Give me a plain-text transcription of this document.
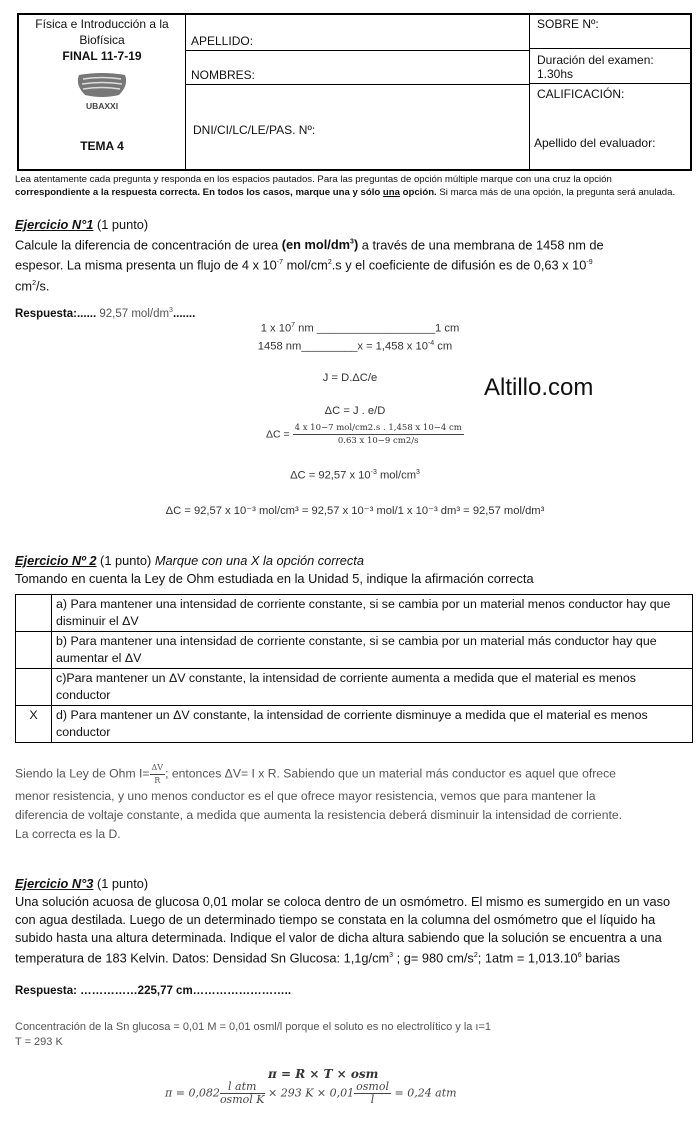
Física e Introducción a la Biofísica
FINAL 11-7-19
UBAXXI
TEMA 4
APELLIDO:
NOMBRES:
DNI/CI/LC/LE/PAS. Nº:
SOBRE Nº:
Duración del examen: 1.30hs
CALIFICACIÓN:
Apellido del evaluador:
Lea atentamente cada pregunta y responda en los espacios pautados. Para las preguntas de opción múltiple marque con una cruz la opción
correspondiente a la respuesta correcta. En todos los casos, marque una y sólo una opción. Si marca más de una opción, la pregunta será anulada.
Altillo.com
Ejercicio N°1 (1 punto)
Calcule la diferencia de concentración de urea (en mol/$dm^3$) a través de una membrana de 1458 nm de
espesor. La misma presenta un flujo de 4 x $10^{-7}$ mol/$cm^2.s$ y el coeficiente de difusión es de 0,63 x $10^{-9}$
$cm^2/s$.
Respuesta:...... 92,57 mol/$dm^3$.......
1 x $10^7$ nm ___________________1 cm
1458 nm_________x = 1,458 x $10^{-4}$ cm
J = D.ΔC/e
ΔC = J . e/D
$\Delta C = \frac{\text{4 x 10−7 mol/cm2.s . 1,458 x 10−4 cm}}{0.63 x 10-9 cm2/s}$
ΔC = 92,57 x $10^{-3}$ mol/$cm^3$
ΔC = 92,57 x 10⁻³ mol/cm³ = 92,57 x 10⁻³ mol/1 x 10⁻³ dm³ = 92,57 mol/dm³
Ejercicio Nº 2 (1 punto) Marque con una X la opción correcta
Tomando en cuenta la Ley de Ohm estudiada en la Unidad 5, indique la afirmación correcta
	a) Para mantener una intensidad de corriente constante, si se cambia por un material menos conductor hay que disminuir el ΔV
	b) Para mantener una intensidad de corriente constante, si se cambia por un material más conductor hay que aumentar el ΔV
	c)Para mantener un ΔV constante, la intensidad de corriente aumenta a medida que el material es menos conductor
X	d) Para mantener un ΔV constante, la intensidad de corriente disminuye a medida que el material es menos conductor
Siendo la Ley de Ohm $I= \frac{\Delta V}{R}$ ; entonces ΔV= I x R. Sabiendo que un material más conductor es aquel que ofrece
menor resistencia, y uno menos conductor es el que ofrece mayor resistencia, vemos que para mantener la
diferencia de voltaje constante, a medida que aumenta la resistencia deberá disminuir la intensidad de corriente.
La correcta es la D.
Ejercicio N°3 (1 punto)
Una solución acuosa de glucosa 0,01 molar se coloca dentro de un osmómetro. El mismo es sumergido en un vaso
con agua destilada. Luego de un determinado tiempo se constata en la columna del osmómetro que el líquido ha
subido hasta una altura determinada. Indique el valor de dicha altura sabiendo que la solución se encuentra a una
temperatura de 183 Kelvin. Datos: Densidad Sn Glucosa: $1,1g/cm^3$ ; g= 980 $cm/s^2$; $1atm = 1,013.10^6$ barias
Respuesta: ……………225,77 cm……………………..
Concentración de la Sn glucosa = 0,01 M = 0,01 osml/l porque el soluto es no electrolítico y la ı=1
T = 293 K
π = R × T × osm
$\pi = 0,082 \frac{\text{l atm}}{\text{osmol K}} \times 293$ $K \times 0,01 \frac{\text{osmol}}{l} = 0,24$ atm
